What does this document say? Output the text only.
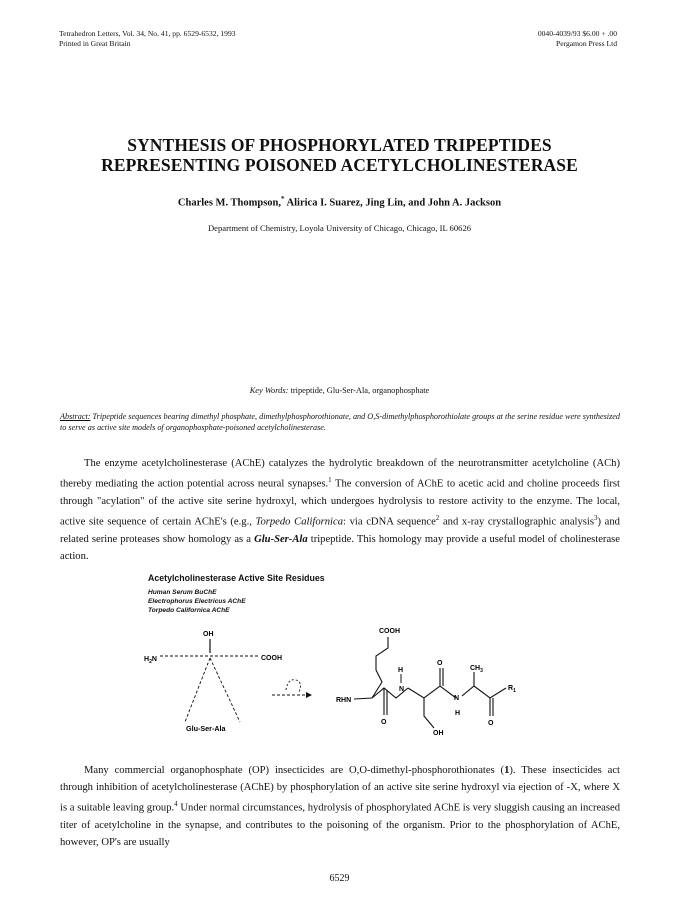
Tetrahedron Letters, Vol. 34, No. 41, pp. 6529-6532, 1993
Printed in Great Britain
0040-4039/93 $6.00 + .00
Pergamon Press Ltd
SYNTHESIS OF PHOSPHORYLATED TRIPEPTIDES
REPRESENTING POISONED ACETYLCHOLINESTERASE
Charles M. Thompson,* Alirica I. Suarez, Jing Lin, and John A. Jackson
Department of Chemistry, Loyola University of Chicago, Chicago, IL 60626
Key Words: tripeptide, Glu-Ser-Ala, organophosphate
Abstract: Tripeptide sequences bearing dimethyl phosphate, dimethylphosphorothionate, and O,S-dimethylphosphorothiolate groups at the serine residue were synthesized to serve as active site models of organophosphate-poisoned acetylcholinesterase.

The enzyme acetylcholinesterase (AChE) catalyzes the hydrolytic breakdown of the neurotransmitter acetylcholine (ACh) thereby mediating the action potential across neural synapses.$^1$ The conversion of AChE to acetic acid and choline proceeds first through "acylation" of the active site serine hydroxyl, which undergoes hydrolysis to restore activity to the enzyme. The local, active site sequence of certain AChE's (e.g., Torpedo Californica: via cDNA sequence$^2$ and x-ray crystallographic analysis$^3$) and related serine proteases show homology as a Glu-Ser-Ala tripeptide. This homology may provide a useful model of cholinesterase action.

Acetylcholinesterase Active Site Residues
Human Serum BuChE
Electrophorus Electricus AChE
Torpedo Californica AChE
OH
$H_2N$	COOH
Glu-Ser-Ala
COOH
RHN
O
N
H
OH
O
N
H
$CH_3$
O
$R_1$

Many commercial organophosphate (OP) insecticides are O,O-dimethyl-phosphorothionates (1). These insecticides act through inhibition of acetylcholinesterase (AChE) by phosphorylation of an active site serine hydroxyl via ejection of -X, where X is a suitable leaving group.$^4$ Under normal circumstances, hydrolysis of phosphorylated AChE is very sluggish causing an increased titer of acetylcholine in the synapse, and contributes to the poisoning of the organism. Prior to the phosphorylation of AChE, however, OP's are usually

6529
